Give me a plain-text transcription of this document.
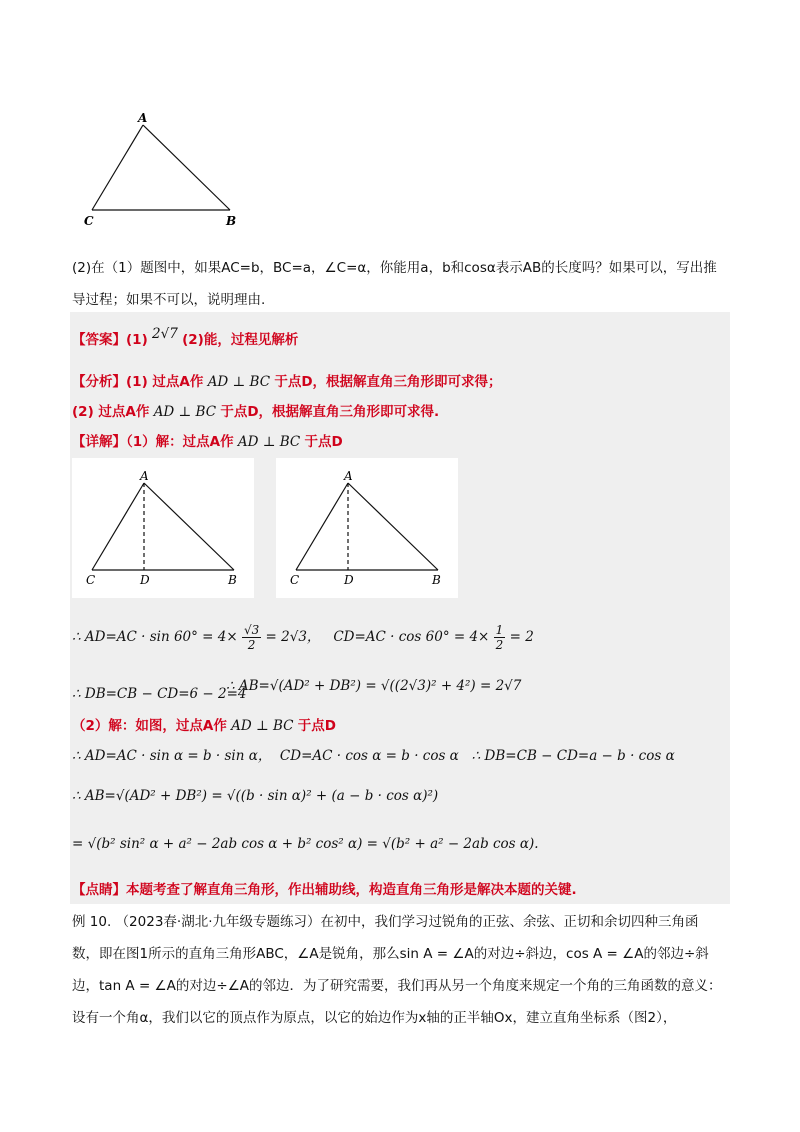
A
C	B
(2)在（1）题图中，如果AC=b，BC=a，∠C=α，你能用a，b和cosα表示AB的长度吗？如果可以，写出推
导过程；如果不可以，说明理由.
【答案】(1) 2√7 (2)能，过程见解析
【分析】(1) 过点A作 AD ⊥ BC 于点D，根据解直角三角形即可求得；
(2) 过点A作 AD ⊥ BC 于点D，根据解直角三角形即可求得.
【详解】（1）解：过点A作 AD ⊥ BC 于点D
A
C	D	B
A
C	D	B
∴ $AD=AC \cdot \sin 60^\circ = 4\times \frac{√3}{2} = 2√3$， $CD=AC \cdot \cos 60^\circ = 4\times \frac{1}{2} = 2$
∴ DB=CB − CD=6 − 2=4
∴ AB=√(AD² + DB²) = √((2√3)² + 4²) = 2√7
（2）解：如图，过点A作 AD ⊥ BC 于点D
∴ AD=AC · sin α = b · sin α， CD=AC · cos α = b · cos α ∴ DB=CB − CD=a − b · cos α
∴ AB=√(AD² + DB²) = √((b · sin α)² + (a − b · cos α)²)
= √(b² sin² α + a² − 2ab cos α + b² cos² α) = √(b² + a² − 2ab cos α).
【点睛】本题考查了解直角三角形，作出辅助线，构造直角三角形是解决本题的关键.
例 10. （2023春·湖北·九年级专题练习）在初中，我们学习过锐角的正弦、余弦、正切和余切四种三角函
数，即在图1所示的直角三角形ABC，∠A是锐角，那么sin A = ∠A的对边÷斜边，cos A = ∠A的邻边÷斜
边，tan A = ∠A的对边÷∠A的邻边．为了研究需要，我们再从另一个角度来规定一个角的三角函数的意义：
设有一个角α，我们以它的顶点作为原点，以它的始边作为x轴的正半轴Ox，建立直角坐标系（图2），
